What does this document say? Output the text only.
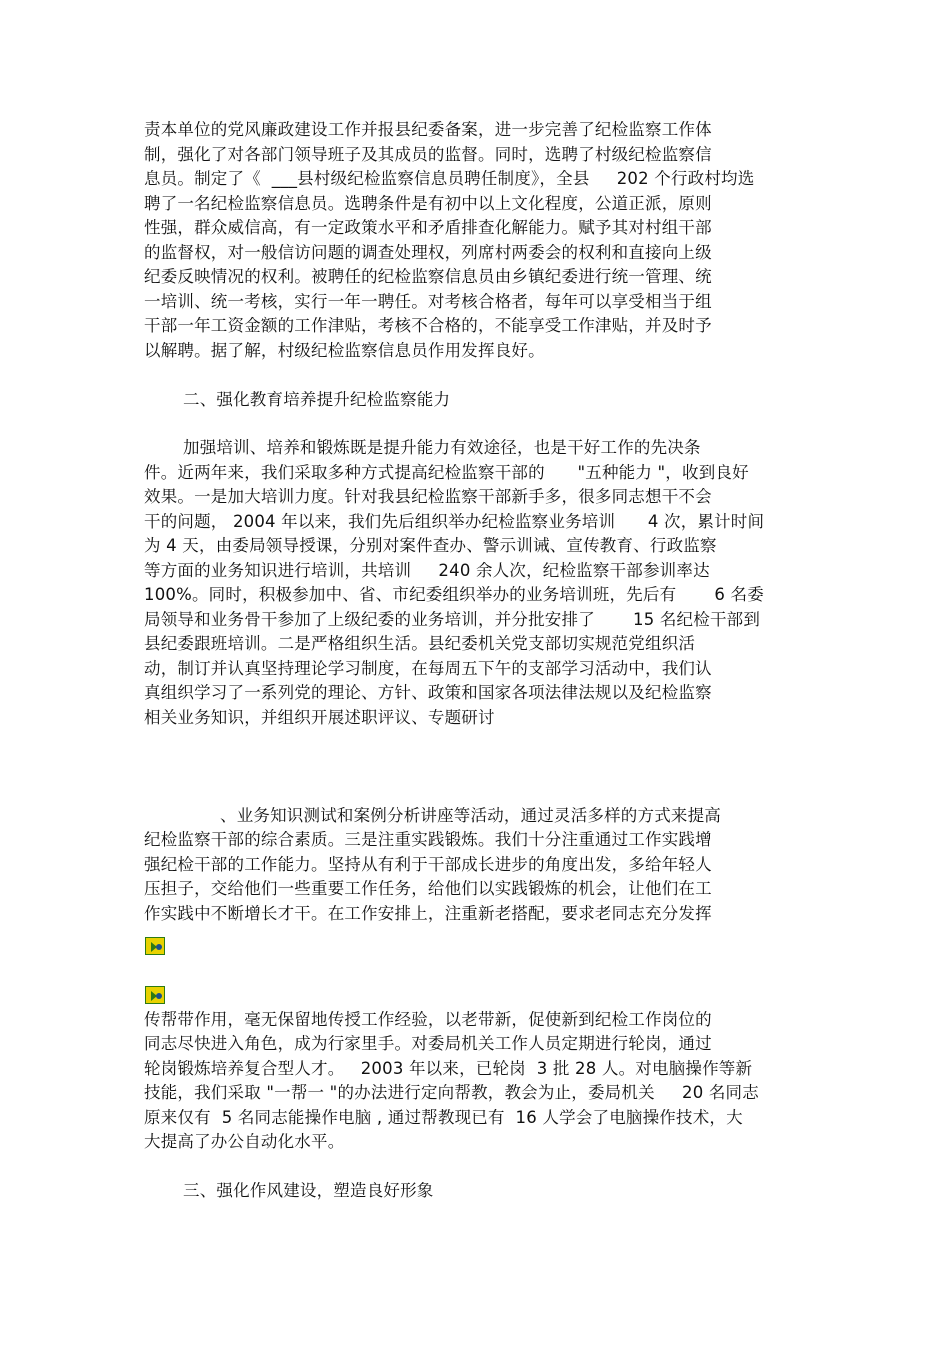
责本单位的党风廉政建设工作并报县纪委备案，进一步完善了纪检监察工作体
制，强化了对各部门领导班子及其成员的监督。同时，选聘了村级纪检监察信
息员。制定了《  ___县村级纪检监察信息员聘任制度》，全县     202 个行政村均选
聘了一名纪检监察信息员。选聘条件是有初中以上文化程度，公道正派，原则
性强，群众威信高，有一定政策水平和矛盾排查化解能力。赋予其对村组干部
的监督权，对一般信访问题的调查处理权，列席村两委会的权利和直接向上级
纪委反映情况的权利。被聘任的纪检监察信息员由乡镇纪委进行统一管理、统
一培训、统一考核，实行一年一聘任。对考核合格者，每年可以享受相当于组
干部一年工资金额的工作津贴，考核不合格的，不能享受工作津贴，并及时予
以解聘。据了解，村级纪检监察信息员作用发挥良好。
二、强化教育培养提升纪检监察能力
加强培训、培养和锻炼既是提升能力有效途径，也是干好工作的先决条
件。近两年来，我们采取多种方式提高纪检监察干部的      "五种能力 "，收到良好
效果。一是加大培训力度。针对我县纪检监察干部新手多，很多同志想干不会
干的问题， 2004 年以来，我们先后组织举办纪检监察业务培训      4 次，累计时间
为 4 天，由委局领导授课，分别对案件查办、警示训诫、宣传教育、行政监察
等方面的业务知识进行培训，共培训     240 余人次，纪检监察干部参训率达
100%。同时，积极参加中、省、市纪委组织举办的业务培训班，先后有       6 名委
局领导和业务骨干参加了上级纪委的业务培训，并分批安排了       15 名纪检干部到
县纪委跟班培训。二是严格组织生活。县纪委机关党支部切实规范党组织活
动，制订并认真坚持理论学习制度，在每周五下午的支部学习活动中，我们认
真组织学习了一系列党的理论、方针、政策和国家各项法律法规以及纪检监察
相关业务知识，并组织开展述职评议、专题研讨
、业务知识测试和案例分析讲座等活动，通过灵活多样的方式来提高
纪检监察干部的综合素质。三是注重实践锻炼。我们十分注重通过工作实践增
强纪检干部的工作能力。坚持从有利于干部成长进步的角度出发，多给年轻人
压担子，交给他们一些重要工作任务，给他们以实践锻炼的机会，让他们在工
作实践中不断增长才干。在工作安排上，注重新老搭配，要求老同志充分发挥
传帮带作用，毫无保留地传授工作经验，以老带新，促使新到纪检工作岗位的
同志尽快进入角色，成为行家里手。对委局机关工作人员定期进行轮岗，通过
轮岗锻炼培养复合型人才。   2003 年以来，已轮岗  3 批 28 人。对电脑操作等新
技能，我们采取 "一帮一 "的办法进行定向帮教，教会为止，委局机关     20 名同志
原来仅有  5 名同志能操作电脑 , 通过帮教现已有  16 人学会了电脑操作技术，大
大提高了办公自动化水平。
三、强化作风建设，塑造良好形象
